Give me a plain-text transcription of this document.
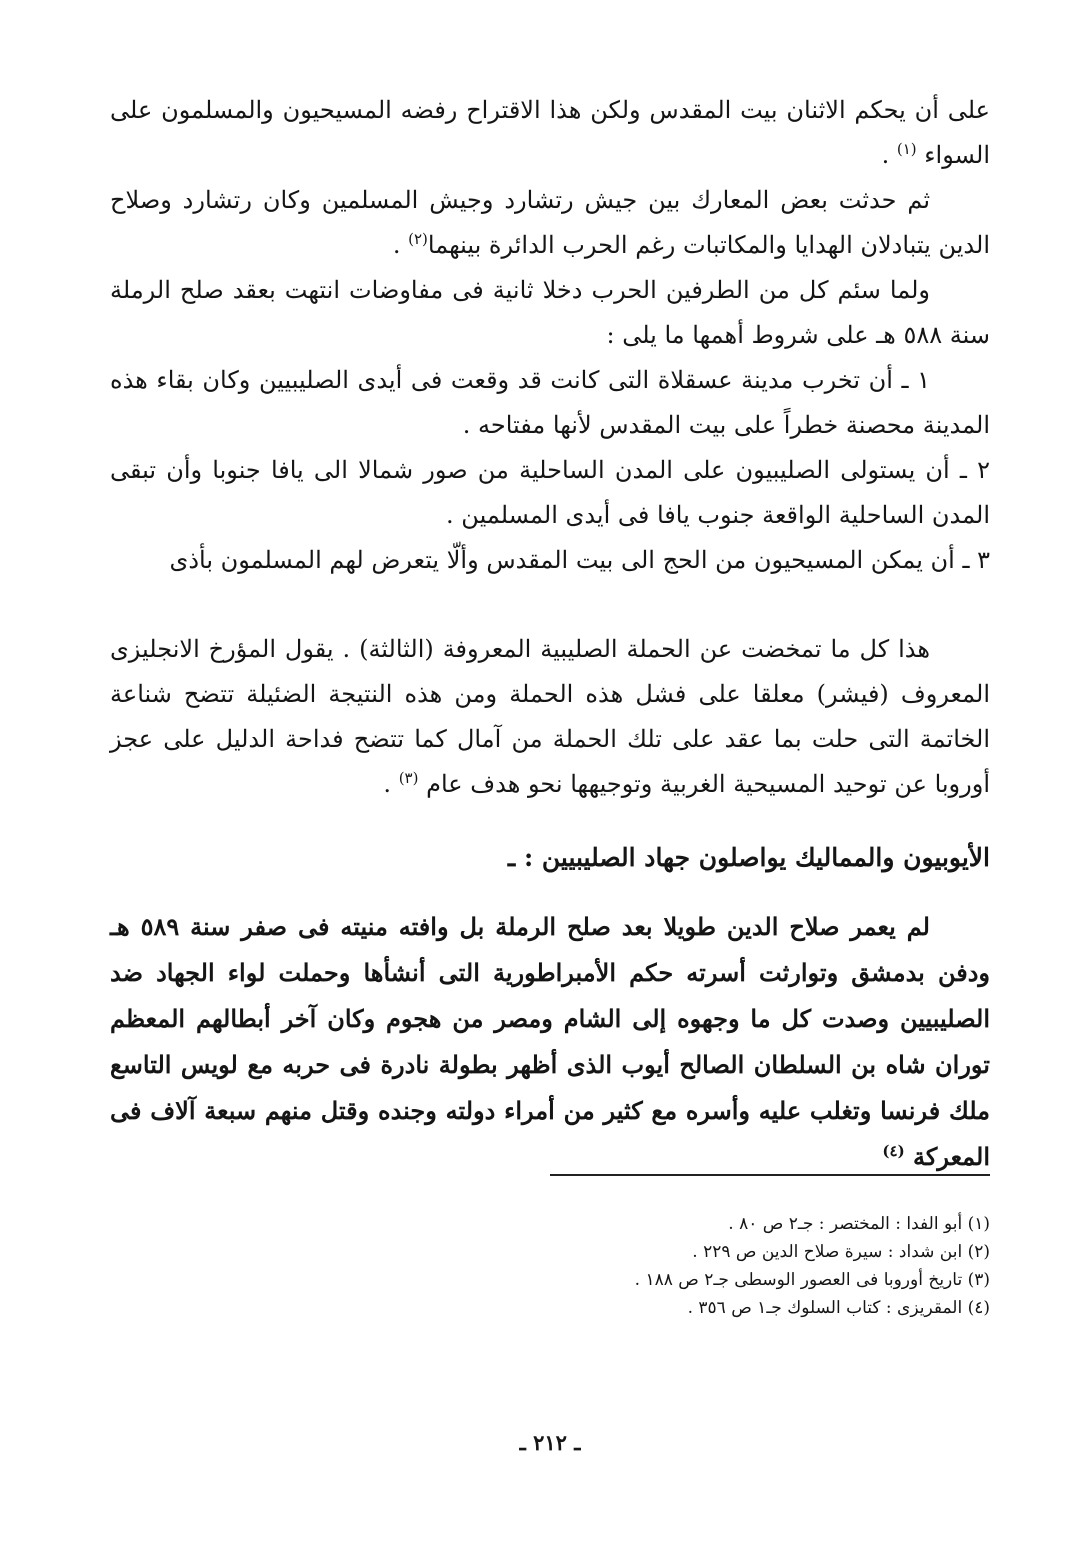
على أن يحكم الاثنان بيت المقدس ولكن هذا الاقتراح رفضه المسيحيون والمسلمون على السواء $^{(١)}$ .

ثم حدثت بعض المعارك بين جيش رتشارد وجيش المسلمين وكان رتشارد وصلاح الدين يتبادلان الهدايا والمكاتبات رغم الحرب الدائرة بينهما$^{(٢)}$ .

ولما سئم كل من الطرفين الحرب دخلا ثانية فى مفاوضات انتهت بعقد صلح الرملة سنة ٥٨٨ هـ على شروط أهمها ما يلى :

١ ـ أن تخرب مدينة عسقلاة التى كانت قد وقعت فى أيدى الصليبيين وكان بقاء هذه المدينة محصنة خطراً على بيت المقدس لأنها مفتاحه .

٢ ـ أن يستولى الصليبيون على المدن الساحلية من صور شمالا الى يافا جنوبا وأن تبقى المدن الساحلية الواقعة جنوب يافا فى أيدى المسلمين .

٣ ـ أن يمكن المسيحيون من الحج الى بيت المقدس وألّا يتعرض لهم المسلمون بأذى

هذا كل ما تمخضت عن الحملة الصليبية المعروفة (الثالثة) . يقول المؤرخ الانجليزى المعروف (فيشر) معلقا على فشل هذه الحملة ومن هذه النتيجة الضئيلة تتضح شناعة الخاتمة التى حلت بما عقد على تلك الحملة من آمال كما تتضح فداحة الدليل على عجز أوروبا عن توحيد المسيحية الغربية وتوجيهها نحو هدف عام $^{(٣)}$ .

الأيوبيون والمماليك يواصلون جهاد الصليبيين : ـ

لم يعمر صلاح الدين طويلا بعد صلح الرملة بل وافته منيته فى صفر سنة ٥٨٩ هـ ودفن بدمشق وتوارثت أسرته حكم الأمبراطورية التى أنشأها وحملت لواء الجهاد ضد الصليبيين وصدت كل ما وجهوه إلى الشام ومصر من هجوم وكان آخر أبطالهم المعظم توران شاه بن السلطان الصالح أيوب الذى أظهر بطولة نادرة فى حربه مع لويس التاسع ملك فرنسا وتغلب عليه وأسره مع كثير من أمراء دولته وجنده وقتل منهم سبعة آلاف فى المعركة $^{(٤)}$

(١) أبو الفدا : المختصر : جـ٢ ص ٨٠ .

(٢) ابن شداد : سيرة صلاح الدين ص ٢٢٩ .

(٣) تاريخ أوروبا فى العصور الوسطى جـ٢ ص ١٨٨ .

(٤) المقريزى : كتاب السلوك جـ١ ص ٣٥٦ .

ـ ٢١٢ ـ
